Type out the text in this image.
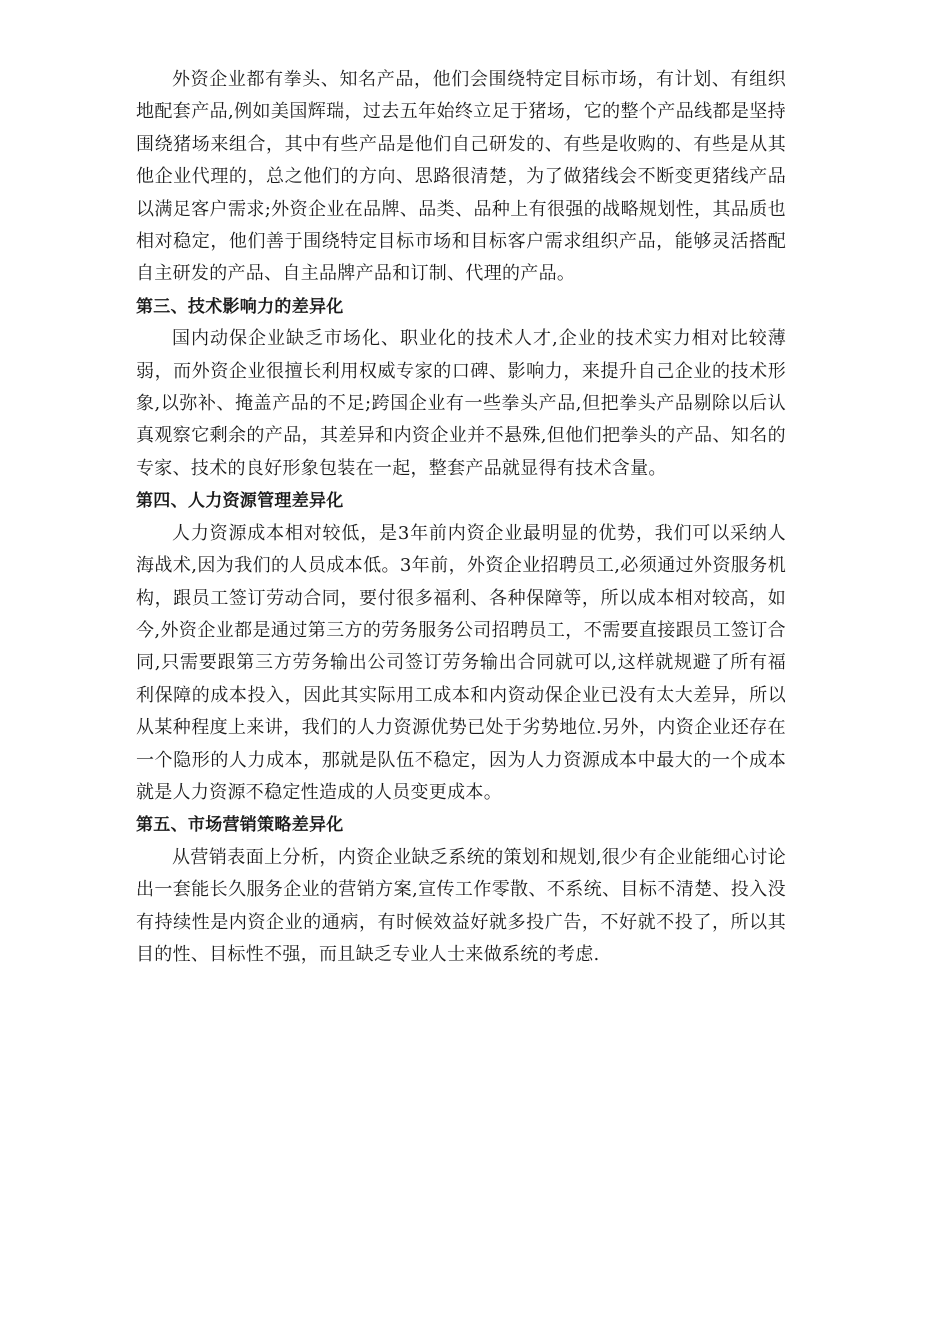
外资企业都有拳头、知名产品，他们会围绕特定目标市场，有计划、有组织地配套产品,例如美国辉瑞，过去五年始终立足于猪场，它的整个产品线都是坚持围绕猪场来组合，其中有些产品是他们自己研发的、有些是收购的、有些是从其他企业代理的，总之他们的方向、思路很清楚，为了做猪线会不断变更猪线产品以满足客户需求;外资企业在品牌、品类、品种上有很强的战略规划性，其品质也相对稳定，他们善于围绕特定目标市场和目标客户需求组织产品，能够灵活搭配自主研发的产品、自主品牌产品和订制、代理的产品。

第三、技术影响力的差异化

国内动保企业缺乏市场化、职业化的技术人才,企业的技术实力相对比较薄弱，而外资企业很擅长利用权威专家的口碑、影响力，来提升自己企业的技术形象,以弥补、掩盖产品的不足;跨国企业有一些拳头产品,但把拳头产品剔除以后认真观察它剩余的产品，其差异和内资企业并不悬殊,但他们把拳头的产品、知名的专家、技术的良好形象包装在一起，整套产品就显得有技术含量。

第四、人力资源管理差异化

人力资源成本相对较低，是3年前内资企业最明显的优势，我们可以采纳人海战术,因为我们的人员成本低。3年前，外资企业招聘员工,必须通过外资服务机构，跟员工签订劳动合同，要付很多福利、各种保障等，所以成本相对较高，如今,外资企业都是通过第三方的劳务服务公司招聘员工，不需要直接跟员工签订合同,只需要跟第三方劳务输出公司签订劳务输出合同就可以,这样就规避了所有福利保障的成本投入，因此其实际用工成本和内资动保企业已没有太大差异，所以从某种程度上来讲，我们的人力资源优势已处于劣势地位.另外，内资企业还存在一个隐形的人力成本，那就是队伍不稳定，因为人力资源成本中最大的一个成本就是人力资源不稳定性造成的人员变更成本。

第五、市场营销策略差异化

从营销表面上分析，内资企业缺乏系统的策划和规划,很少有企业能细心讨论出一套能长久服务企业的营销方案,宣传工作零散、不系统、目标不清楚、投入没有持续性是内资企业的通病，有时候效益好就多投广告，不好就不投了，所以其目的性、目标性不强，而且缺乏专业人士来做系统的考虑.
